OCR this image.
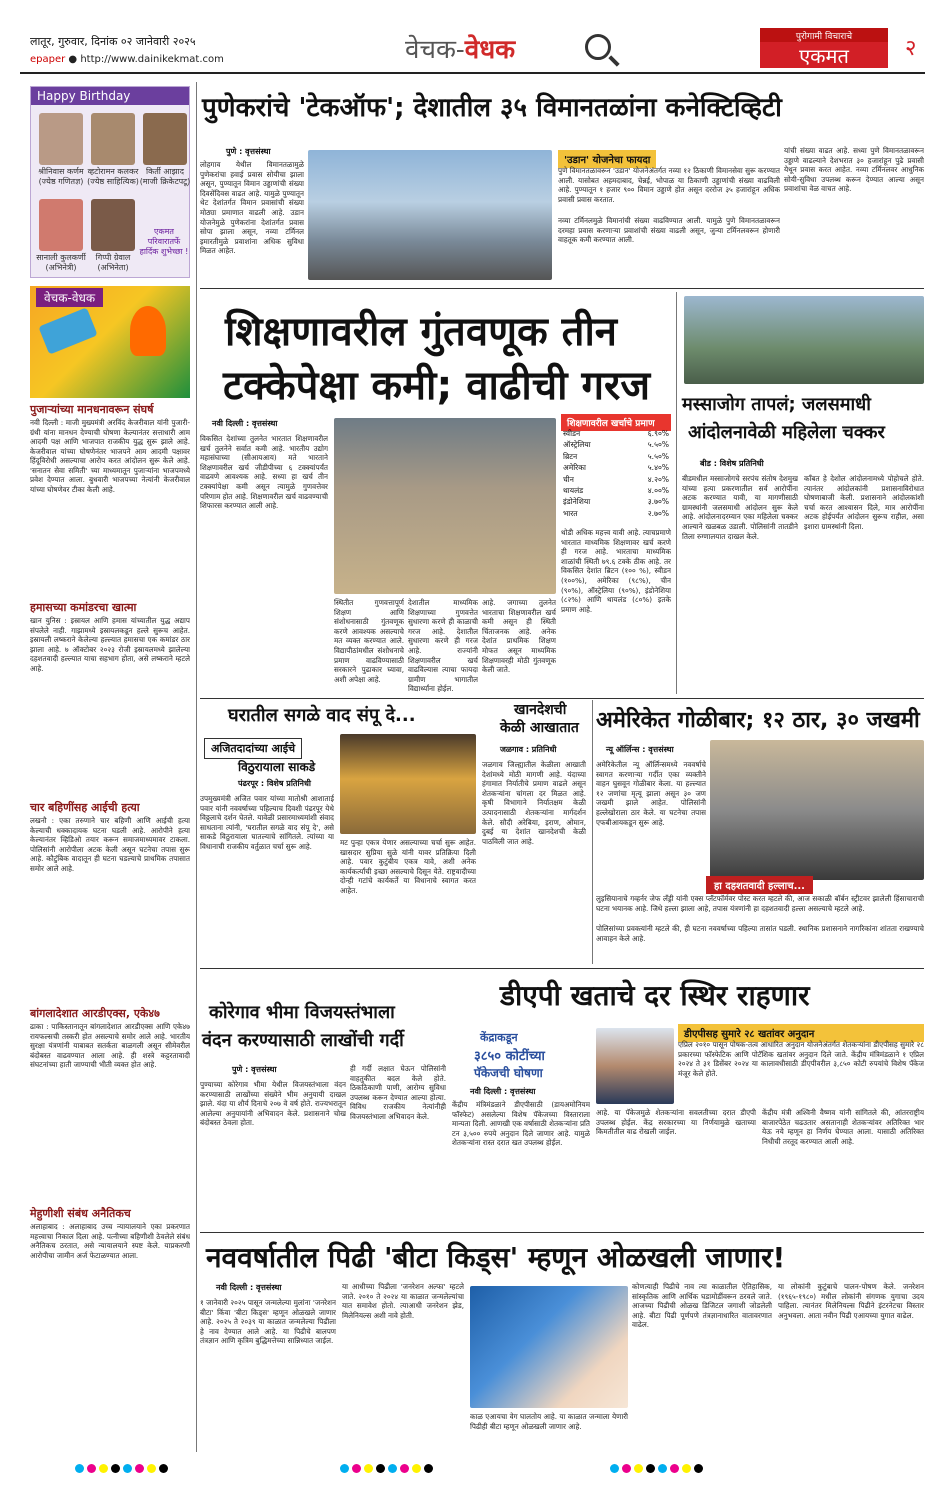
लातूर, गुरुवार, दिनांक ०२ जानेवारी २०२५
epaper ● http://www.dainikekmat.com	वेचक-वेधक	पुरोगामी विचाराचे
एकमत	२
Happy Birthday
श्रीनिवास कर्णम (ज्येष्ठ गणितज्ञ)
व्हटोरामन कलकर (ज्येष्ठ साहित्यिक)
किर्ती आझाद (माजी क्रिकेटपटू)
सानाली कुलकर्णी (अभिनेत्री)
गिप्पी ग्रेवाल (अभिनेता)
एकमत परिवारातर्फे हार्दिक शुभेच्छा !
वेचक-वेधक
पुजाऱ्यांच्या मानधनावरून संघर्ष
नवी दिल्ली : माजी मुख्यमंत्री अरविंद केजरीवाल यांनी पुजारी-ग्रंथी यांना मानधन देण्याची घोषणा केल्यानंतर सत्ताधारी आम आदमी पक्ष आणि भाजपात राजकीय युद्ध सुरू झाले आहे. केजरीवाल यांच्या घोषणेनंतर भाजपने आम आदमी पक्षावर हिंदूविरोधी असल्याचा आरोप करत आंदोलन सुरू केले आहे. 'सनातन सेवा समिती' च्या माध्यमातून पुजाऱ्यांना भाजपमध्ये प्रवेश देण्यात आला. बुधवारी भाजपच्या नेत्यांनी केजरीवाल यांच्या घोषणेवर टीका केली आहे.
हमासच्या कमांडरचा खात्मा
खान युनिस : इस्रायल आणि हमास यांच्यातील युद्ध अद्याप संपलेले नाही. गाझामध्ये इस्रायलकडून हल्ले सुरूच आहेत. इस्रायली लष्कराने केलेल्या हल्ल्यात हमासचा एक कमांडर ठार झाला आहे. ७ ऑक्टोबर २०२३ रोजी इस्रायलमध्ये झालेल्या दहशतवादी हल्ल्यात याचा सहभाग होता, असे लष्कराने म्हटले आहे.
चार बहिणींसह आईची हत्या
लखनौ : एका तरुणाने चार बहिणी आणि आईची हत्या केल्याची धक्कादायक घटना घडली आहे. आरोपीने हत्या केल्यानंतर व्हिडिओ तयार करून समाजमाध्यमावर टाकला. पोलिसांनी आरोपीला अटक केली असून घटनेचा तपास सुरू आहे. कौटुंबिक वादातून ही घटना घडल्याचे प्राथमिक तपासात समोर आले आहे.
बांगलादेशात आरडीएक्स, एके४७
ढाका : पाकिस्तानातून बांगलादेशात आरडीएक्स आणि एके४७ रायफल्सची तस्करी होत असल्याचे समोर आले आहे. भारतीय सुरक्षा यंत्रणांनी याबाबत सतर्कता बाळगली असून सीमेवरील बंदोबस्त वाढवण्यात आला आहे. ही शस्त्रे कट्टरतावादी संघटनांच्या हाती जाण्याची भीती व्यक्त होत आहे.
मेहुणीशी संबंध अनैतिकच
अलाहाबाद : अलाहाबाद उच्च न्यायालयाने एका प्रकरणात महत्त्वाचा निकाल दिला आहे. पत्नीच्या बहिणीशी ठेवलेले संबंध अनैतिकच ठरतात, असे न्यायालयाने स्पष्ट केले. याप्रकरणी आरोपीचा जामीन अर्ज फेटाळण्यात आला.
पुणेकरांचे 'टेकऑफ'; देशातील ३५ विमानतळांना कनेक्टिव्हिटी
पुणे : वृत्तसंस्था
लोहगाव येथील विमानतळामुळे पुणेकरांचा हवाई प्रवास सोयीचा झाला असून, पुण्यातून विमान उड्डाणांची संख्या दिवसेंदिवस वाढत आहे. यामुळे पुण्यातून थेट देशांतर्गत विमान प्रवासांची संख्या मोठ्या प्रमाणात वाढली आहे. उडान योजनेमुळे पुणेकरांना देशांतर्गत प्रवास सोपा झाला असून, नव्या टर्मिनल इमारतीमुळे प्रवाशांना अधिक सुविधा मिळत आहेत.
'उडान' योजनेचा फायदा
पुणे विमानतळावरून 'उडान' योजनेअंतर्गत नव्या १२ ठिकाणी विमानसेवा सुरू करण्यात आली. यासोबत अहमदाबाद, चेन्नई, भोपाळ या ठिकाणी उड्डाणांची संख्या वाढविली आहे. पुण्यातून १ हजार ९०० विमान उड्डाणे होत असून दररोज ३५ हजारांहून अधिक प्रवासी प्रवास करतात.
नव्या टर्मिनलमुळे विमानांची संख्या वाढविण्यात आली. यामुळे पुणे विमानतळावरून दरमहा प्रवास करणाऱ्या प्रवाशांची संख्या वाढली असून, जुन्या टर्मिनलवरून होणारी वाहतूक कमी करण्यात आली.
यांची संख्या वाढत आहे. सध्या पुणे विमानतळावरून उड्डाणे वाढल्याने देशभरात ३० हजारांहून पुढे प्रवासी येथून प्रवास करत आहेत. नव्या टर्मिनलवर आधुनिक सोयी-सुविधा उपलब्ध करून देण्यात आल्या असून प्रवाशांचा वेळ वाचत आहे.
शिक्षणावरील गुंतवणूक तीन
टक्केपेक्षा कमी; वाढीची गरज
नवी दिल्ली : वृत्तसंस्था
विकसित देशांच्या तुलनेत भारतात शिक्षणावरील खर्च तुलनेने सर्वात कमी आहे. भारतीय उद्योग महासंघाच्या (सीआयआय) मते भारताने शिक्षणावरील खर्च जीडीपीच्या ६ टक्क्यांपर्यंत वाढवणे आवश्यक आहे. सध्या हा खर्च तीन टक्क्यांपेक्षा कमी असून त्यामुळे गुणवत्तेवर परिणाम होत आहे. शिक्षणावरील खर्च वाढवण्याची शिफारस करण्यात आली आहे.
स्थितीत गुणवत्तापूर्ण शिक्षण आणि संशोधनासाठी गुंतवणूक करणे आवश्यक असल्याचे मत व्यक्त करण्यात आले. विद्यापीठांमधील संशोधनाचे प्रमाण वाढविण्यासाठी सरकारने पुढाकार घ्यावा, अशी अपेक्षा आहे.
देशातील माध्यमिक शिक्षणाच्या गुणवत्तेत सुधारणा करणे ही काळाची गरज आहे. देशातील सुधारणा करणे ही गरज आहे. राज्यांनी शिक्षणावरील खर्च वाढविल्यास त्याचा फायदा ग्रामीण भागातील विद्यार्थ्यांना होईल.
आहे. जगाच्या तुलनेत भारताचा शिक्षणावरील खर्च कमी असून ही स्थिती चिंताजनक आहे. अनेक देशांत प्राथमिक शिक्षण मोफत असून माध्यमिक शिक्षणावरही मोठी गुंतवणूक केली जाते.
शिक्षणावरील खर्चाचे प्रमाण
स्वीडन	६.९०%
ऑस्ट्रेलिया	५.५०%
ब्रिटन	५.५०%
अमेरिका	५.४०%
चीन	४.२०%
थायलंड	४.००%
इंडोनेशिया	३.७०%
भारत	२.७०%
थोडी अधिक महत्त्व यावी आहे. त्याचप्रमाणे भारतात माध्यमिक शिक्षणावर खर्च करणे ही गरज आहे. भारताचा माध्यमिक शाळांची स्थिती ७९.६ टक्के ठीक आहे. तर विकसित देशांत ब्रिटन (१०० %), स्वीडन (१००%), अमेरिका (९८%), चीन (९०%), ऑस्ट्रेलिया (९०%), इंडोनेशिया (८२%) आणि थायलंड (८०%) इतके प्रमाण आहे.
मस्साजोग तापलं; जलसमाधी
आंदोलनावेळी महिलेला चक्कर
बीड : विशेष प्रतिनिधी
बीडमधील मस्साजोगचे सरपंच संतोष देशमुख यांच्या हत्या प्रकरणातील सर्व आरोपींना अटक करण्यात यावी, या मागणीसाठी ग्रामस्थांनी जलसमाधी आंदोलन सुरू केले आहे. आंदोलनादरम्यान एका महिलेला चक्कर आल्याने खळबळ उडाली. पोलिसांनी तातडीने तिला रुग्णालयात दाखल केले.
काँबत हे देशोल आंदोलनामध्ये पोहोचले होते. त्यानंतर आंदोलकांनी प्रशासनाविरोधात घोषणाबाजी केली. प्रशासनाने आंदोलकांशी चर्चा करत आश्वासन दिले, मात्र आरोपींना अटक होईपर्यंत आंदोलन सुरूच राहील, असा इशारा ग्रामस्थांनी दिला.
घरातील सगळे वाद संपू दे...
अजितदादांच्या आईचे
विठुरायाला साकडे
पंढरपूर : विशेष प्रतिनिधी
उपमुख्यमंत्री अजित पवार यांच्या मातोश्री आशाताई पवार यांनी नववर्षाच्या पहिल्याच दिवशी पंढरपूर येथे विठ्ठलाचे दर्शन घेतले. यावेळी प्रसारमाध्यमांशी संवाद साधताना त्यांनी, 'घरातील सगळे वाद संपू दे', असे साकडे विठुरायाला घातल्याचे सांगितले. त्यांच्या या विधानाची राजकीय वर्तुळात चर्चा सुरू आहे.	मट पुन्हा एकत्र येणार असल्याच्या चर्चा सुरू आहेत. खासदार सुप्रिया सुळे यांनी यावर प्रतिक्रिया दिली आहे. पवार कुटुंबीय एकत्र यावे, अशी अनेक कार्यकर्त्यांची इच्छा असल्याचे दिसून येते. राष्ट्रवादीच्या दोन्ही गटांचे कार्यकर्ते या विधानाचे स्वागत करत आहेत.
खानदेशची
केळी आखातात
जळगाव : प्रतिनिधी
जळगाव जिल्ह्यातील केळीला आखाती देशांमध्ये मोठी मागणी आहे. यंदाच्या हंगामात निर्यातीचे प्रमाण वाढले असून शेतकऱ्यांना चांगला दर मिळत आहे. कृषी विभागाने निर्यातक्षम केळी उत्पादनासाठी शेतकऱ्यांना मार्गदर्शन केले. सौदी अरेबिया, इराण, ओमान, दुबई या देशांत खानदेशची केळी पाठविली जात आहे.
अमेरिकेत गोळीबार; १२ ठार, ३० जखमी
न्यू ऑर्लिन्स : वृत्तसंस्था
अमेरिकेतील न्यू ऑर्लिन्समध्ये नववर्षाचे स्वागत करणाऱ्या गर्दीत एका व्यक्तीने वाहन घुसवून गोळीबार केला. या हल्ल्यात १२ जणांचा मृत्यू झाला असून ३० जण जखमी झाले आहेत. पोलिसांनी हल्लेखोराला ठार केले. या घटनेचा तपास एफबीआयकडून सुरू आहे.
हा दहशतवादी हल्लाच...
लुइसियानाचे गव्हर्नर जेफ लँड्री यांनी एक्स प्लॅटफॉर्मवर पोस्ट करत म्हटले की, आज सकाळी बॉर्बन स्ट्रीटवर झालेली हिंसाचाराची घटना भयानक आहे. जिथे हल्ला झाला आहे, तपास यंत्रणांनी हा दहशतवादी हल्ला असल्याचे म्हटले आहे.
पोलिसांच्या प्रवक्त्यांनी म्हटले की, ही घटना नववर्षाच्या पहिल्या तासांत घडली. स्थानिक प्रशासनाने नागरिकांना शांतता राखण्याचे आवाहन केले आहे.
कोरेगाव भीमा विजयस्तंभाला
वंदन करण्यासाठी लाखोंची गर्दी
पुणे : वृत्तसंस्था
पुण्याच्या कोरेगाव भीमा येथील विजयस्तंभाला वंदन करण्यासाठी लाखोंच्या संख्येने भीम अनुयायी दाखल झाले. यंदा या शौर्य दिनाचे २०७ वे वर्ष होते. राज्यभरातून आलेल्या अनुयायांनी अभिवादन केले. प्रशासनाने चोख बंदोबस्त ठेवला होता.
ही गर्दी लक्षात घेऊन पोलिसांनी वाहतुकीत बदल केले होते. ठिकठिकाणी पाणी, आरोग्य सुविधा उपलब्ध करून देण्यात आल्या होत्या. विविध राजकीय नेत्यांनीही विजयस्तंभाला अभिवादन केले.
डीएपी खताचे दर स्थिर राहणार
डीएपीसह सुमारे २८ खतांवर अनुदान
एप्रिल २०१० पासून पोषक-तत्व आधारित अनुदान योजनेअंतर्गत शेतकऱ्यांना डीएपीसह सुमारे २८ प्रकारच्या फॉस्फेटिक आणि पोटॅशिक खतांवर अनुदान दिले जाते. केंद्रीय मंत्रिमंडळाने १ एप्रिल २०२४ ते ३१ डिसेंबर २०२४ या कालावधीसाठी डीएपीवरील ३,८५० कोटी रुपयांचे विशेष पॅकेज मंजूर केले होते.
केंद्राकडून
३८५० कोटींच्या
पॅकेजची घोषणा
नवी दिल्ली : वृत्तसंस्था
केंद्रीय मंत्रिमंडळाने डीएपीसाठी (डायअमोनियम फॉस्फेट) असलेल्या विशेष पॅकेजच्या विस्ताराला मान्यता दिली. आणखी एक वर्षासाठी शेतकऱ्यांना प्रति टन ३,५०० रुपये अनुदान दिले जाणार आहे. यामुळे शेतकऱ्यांना रास्त दरात खत उपलब्ध होईल.
आहे. या पॅकेजमुळे शेतकऱ्यांना सवलतीच्या दरात डीएपी उपलब्ध होईल. केंद्र सरकारच्या या निर्णयामुळे खताच्या किमतीतील वाढ रोखली जाईल.
केंद्रीय मंत्री अश्विनी वैष्णव यांनी सांगितले की, आंतरराष्ट्रीय बाजारपेठेत चढउतार असतानाही शेतकऱ्यांवर अतिरिक्त भार येऊ नये म्हणून हा निर्णय घेण्यात आला. यासाठी अतिरिक्त निधीची तरतूद करण्यात आली आहे.
नववर्षातील पिढी 'बीटा किड्स' म्हणून ओळखली जाणार!
नवी दिल्ली : वृत्तसंस्था
१ जानेवारी २०२५ पासून जन्मलेल्या मुलांना 'जनरेशन बीटा' किंवा 'बीटा किड्स' म्हणून ओळखले जाणार आहे. २०२५ ते २०३९ या काळात जन्मलेल्या पिढीला हे नाव देण्यात आले आहे. या पिढीचे बालपण तंत्रज्ञान आणि कृत्रिम बुद्धिमत्तेच्या सान्निध्यात जाईल.
या आधीच्या पिढीला 'जनरेशन अल्फा' म्हटले जाते. २०१० ते २०२४ या काळात जन्मलेल्यांचा यात समावेश होतो. त्याआधी जनरेशन झेड, मिलेनियल्स अशी नावे होती.
काळ एआयचा वेग घालतोय आहे. या काळात जन्माला येणारी पिढीही बीटा म्हणून ओळखली जाणार आहे.
कोणत्याही पिढीचे नाव त्या काळातील ऐतिहासिक, सांस्कृतिक आणि आर्थिक घडामोडींवरून ठरवले जाते. आजच्या पिढीची ओळख डिजिटल जगाशी जोडलेली आहे. बीटा पिढी पूर्णपणे तंत्रज्ञानाधारित वातावरणात वाढेल.
या लोकांनी कुटुंबाचे पालन-पोषण केले. जनरेशन (१९६५-१९८०) मधील लोकांनी संगणक युगाचा उदय पाहिला. त्यानंतर मिलेनियल्स पिढीने इंटरनेटचा विस्तार अनुभवला. आता नवीन पिढी एआयच्या युगात वाढेल.
